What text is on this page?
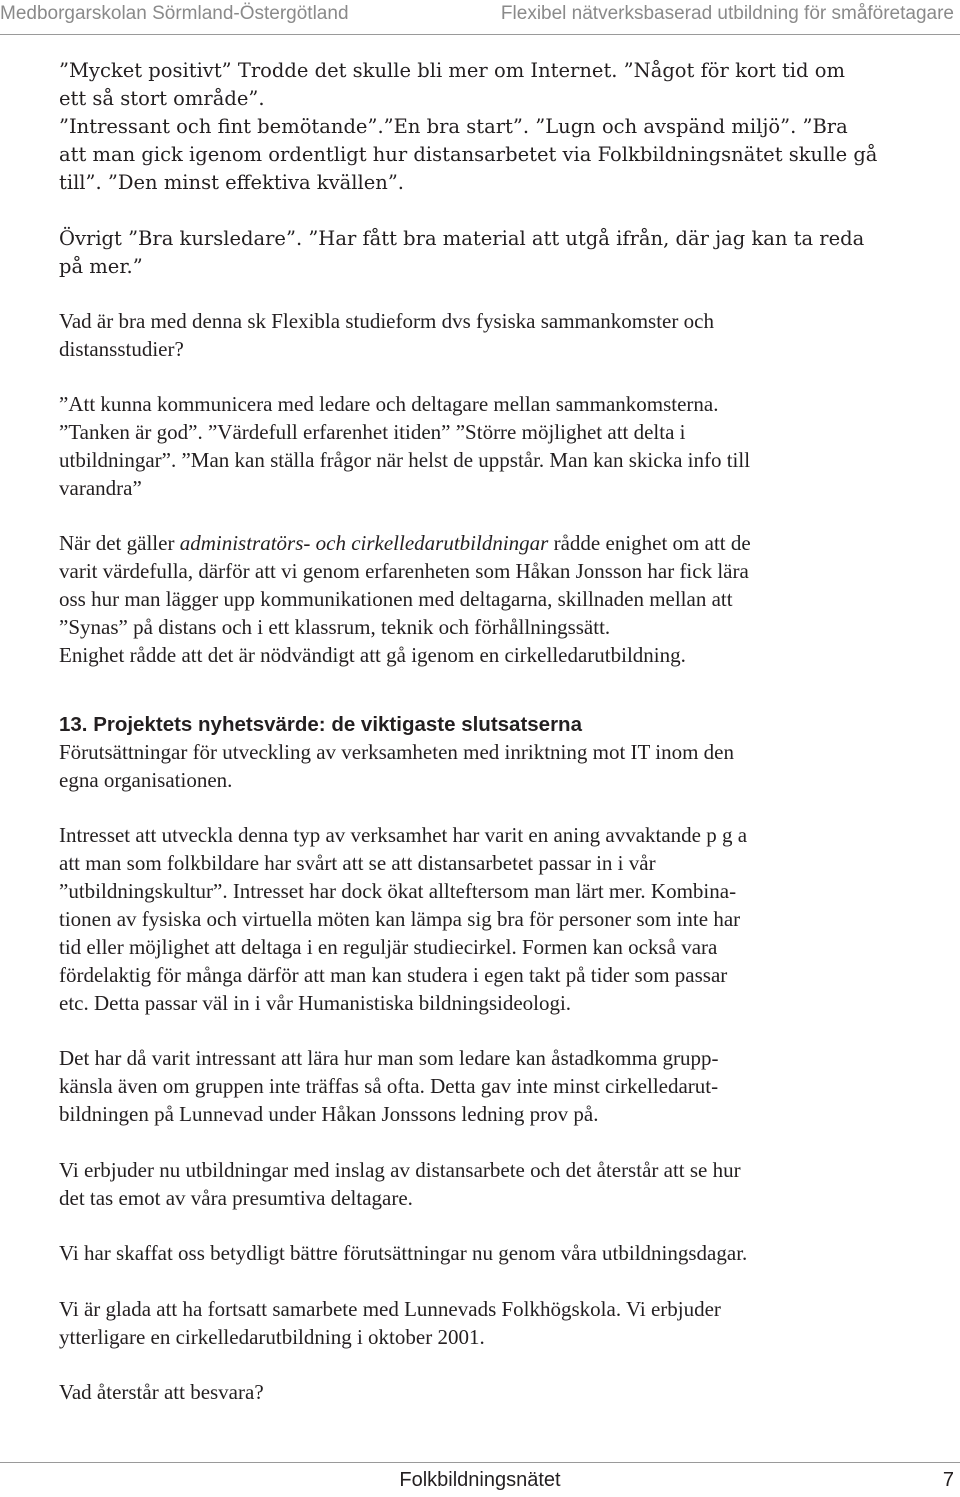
Medborgarskolan Sörmland-Östergötland	Flexibel nätverksbaserad utbildning för småföretagare
”Mycket positivt” Trodde det skulle bli mer om Internet. ”Något för kort tid om
ett så stort område”.
”Intressant och fint bemötande”.”En bra start”. ”Lugn och avspänd miljö”. ”Bra
att man gick igenom ordentligt hur distansarbetet via Folkbildningsnätet skulle gå
till”. ”Den minst effektiva kvällen”.
Övrigt ”Bra kursledare”. ”Har fått bra material att utgå ifrån, där jag kan ta reda
på mer.”
Vad är bra med denna sk Flexibla studieform dvs fysiska sammankomster och
distansstudier?
”Att kunna kommunicera med ledare och deltagare mellan sammankomsterna.
”Tanken är god”. ”Värdefull erfarenhet itiden” ”Större möjlighet att delta i
utbildningar”. ”Man kan ställa frågor när helst de uppstår. Man kan skicka info till
varandra”
När det gäller administratörs- och cirkelledarutbildningar rådde enighet om att de
varit värdefulla, därför att vi genom erfarenheten som Håkan Jonsson har fick lära
oss hur man lägger upp kommunikationen med deltagarna, skillnaden mellan att
”Synas” på distans och i ett klassrum, teknik och förhållningssätt.
Enighet rådde att det är nödvändigt att gå igenom en cirkelledarutbildning.
13. Projektets nyhetsvärde: de viktigaste slutsatserna
Förutsättningar för utveckling av verksamheten med inriktning mot IT inom den
egna organisationen.
Intresset att utveckla denna typ av verksamhet har varit en aning avvaktande p g a
att man som folkbildare har svårt att se att distansarbetet passar in i vår
”utbildningskultur”. Intresset har dock ökat allteftersom man lärt mer. Kombina-
tionen av fysiska och virtuella möten kan lämpa sig bra för personer som inte har
tid eller möjlighet att deltaga i en reguljär studiecirkel. Formen kan också vara
fördelaktig för många därför att man kan studera i egen takt på tider som passar
etc. Detta passar väl in i vår Humanistiska bildningsideologi.
Det har då varit intressant att lära hur man som ledare kan åstadkomma grupp-
känsla även om gruppen inte träffas så ofta. Detta gav inte minst cirkelledarut-
bildningen på Lunnevad under Håkan Jonssons ledning prov på.
Vi erbjuder nu utbildningar med inslag av distansarbete och det återstår att se hur
det tas emot av våra presumtiva deltagare.
Vi har skaffat oss betydligt bättre förutsättningar nu genom våra utbildningsdagar.
Vi är glada att ha fortsatt samarbete med Lunnevads Folkhögskola. Vi erbjuder
ytterligare en cirkelledarutbildning i oktober 2001.
Vad återstår att besvara?
Folkbildningsnätet	7
